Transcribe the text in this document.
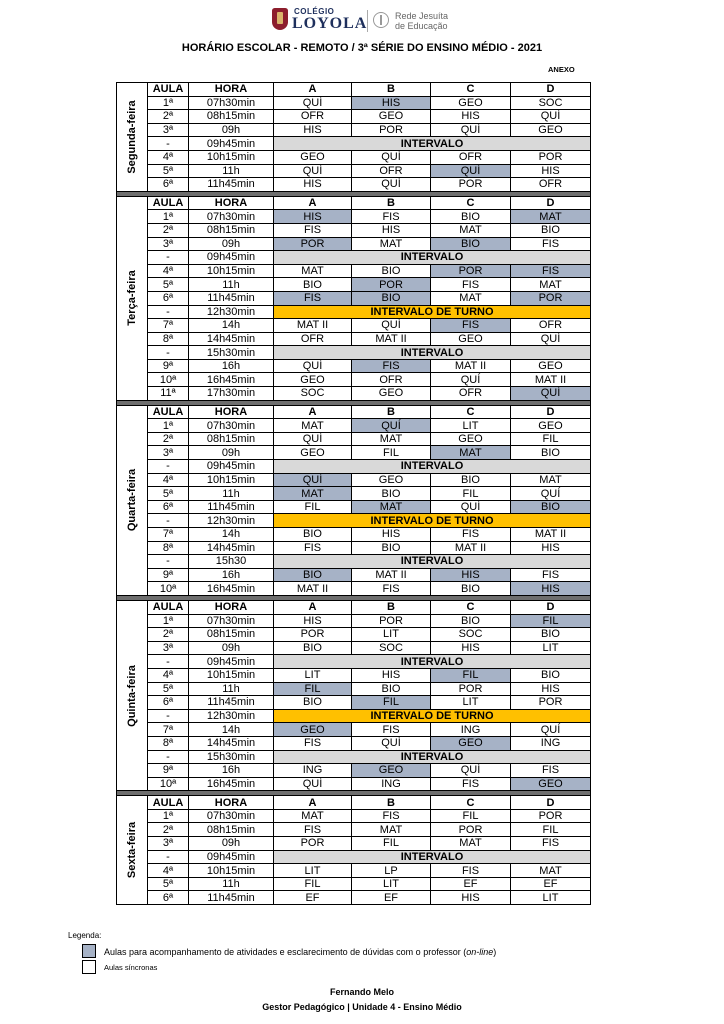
COLÉGIO
LOYOLA	Rede Jesuíta
de Educação
HORÁRIO ESCOLAR - REMOTO / 3ª SÉRIE DO ENSINO MÉDIO - 2021
ANEXO
Segunda-feira	AULA	HORA	A	B	C	D
	1ª	07h30min	QUÍ	HIS	GEO	SOC
	2ª	08h15min	OFR	GEO	HIS	QUÍ
	3ª	09h	HIS	POR	QUÍ	GEO
	-	09h45min	INTERVALO			
	4ª	10h15min	GEO	QUÍ	OFR	POR
	5ª	11h	QUÍ	OFR	QUÍ	HIS
	6ª	11h45min	HIS	QUÍ	POR	OFR

Terça-feira	AULA	HORA	A	B	C	D
	1ª	07h30min	HIS	FIS	BIO	MAT
	2ª	08h15min	FIS	HIS	MAT	BIO
	3ª	09h	POR	MAT	BIO	FIS
	-	09h45min	INTERVALO			
	4ª	10h15min	MAT	BIO	POR	FIS
	5ª	11h	BIO	POR	FIS	MAT
	6ª	11h45min	FIS	BIO	MAT	POR
	-	12h30min	INTERVALO DE TURNO			
	7ª	14h	MAT II	QUÍ	FIS	OFR
	8ª	14h45min	OFR	MAT II	GEO	QUÍ
	-	15h30min	INTERVALO			
	9ª	16h	QUÍ	FIS	MAT II	GEO
	10ª	16h45min	GEO	OFR	QUÍ	MAT II
	11ª	17h30min	SOC	GEO	OFR	QUÍ

Quarta-feira	AULA	HORA	A	B	C	D
	1ª	07h30min	MAT	QUÍ	LIT	GEO
	2ª	08h15min	QUÍ	MAT	GEO	FIL
	3ª	09h	GEO	FIL	MAT	BIO
	-	09h45min	INTERVALO			
	4ª	10h15min	QUÍ	GEO	BIO	MAT
	5ª	11h	MAT	BIO	FIL	QUÍ
	6ª	11h45min	FIL	MAT	QUÍ	BIO
	-	12h30min	INTERVALO DE TURNO			
	7ª	14h	BIO	HIS	FIS	MAT II
	8ª	14h45min	FIS	BIO	MAT II	HIS
	-	15h30	INTERVALO			
	9ª	16h	BIO	MAT II	HIS	FIS
	10ª	16h45min	MAT II	FIS	BIO	HIS

Quinta-feira	AULA	HORA	A	B	C	D
	1ª	07h30min	HIS	POR	BIO	FIL
	2ª	08h15min	POR	LIT	SOC	BIO
	3ª	09h	BIO	SOC	HIS	LIT
	-	09h45min	INTERVALO			
	4ª	10h15min	LIT	HIS	FIL	BIO
	5ª	11h	FIL	BIO	POR	HIS
	6ª	11h45min	BIO	FIL	LIT	POR
	-	12h30min	INTERVALO DE TURNO			
	7ª	14h	GEO	FIS	ING	QUÍ
	8ª	14h45min	FIS	QUÍ	GEO	ING
	-	15h30min	INTERVALO			
	9ª	16h	ING	GEO	QUÍ	FIS
	10ª	16h45min	QUÍ	ING	FIS	GEO

Sexta-feira	AULA	HORA	A	B	C	D
	1ª	07h30min	MAT	FIS	FIL	POR
	2ª	08h15min	FIS	MAT	POR	FIL
	3ª	09h	POR	FIL	MAT	FIS
	-	09h45min	INTERVALO			
	4ª	10h15min	LIT	LP	FIS	MAT
	5ª	11h	FIL	LIT	EF	EF
	6ª	11h45min	EF	EF	HIS	LIT
Legenda:
Aulas para acompanhamento de atividades e esclarecimento de dúvidas com o professor (on-line)
Aulas síncronas
Fernando Melo
Gestor Pedagógico | Unidade 4 - Ensino Médio
